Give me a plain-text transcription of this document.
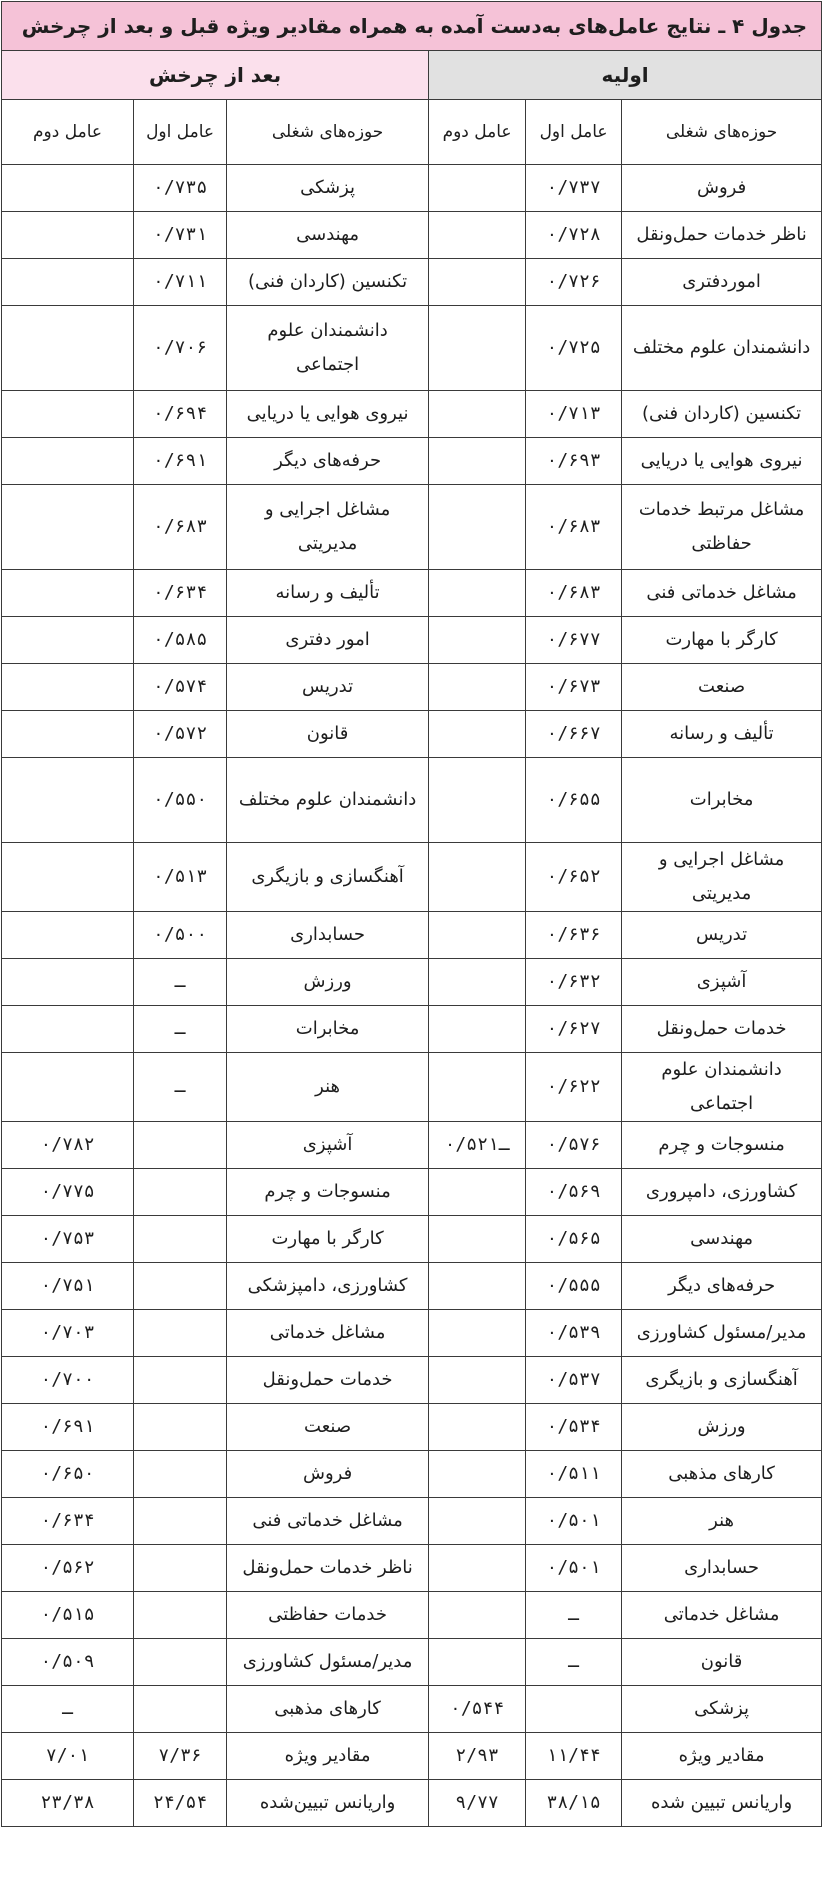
جدول ۴ ـ نتایج عامل‌های به‌دست آمده به همراه مقادیر ویژه قبل و بعد از چرخش					
اولیه			بعد از چرخش		
حوزه‌های شغلی	عامل اول	عامل دوم	حوزه‌های شغلی	عامل اول	عامل دوم
فروش	۰/۷۳۷		پزشکی	۰/۷۳۵	
ناظر خدمات حمل‌ونقل	۰/۷۲۸		مهندسی	۰/۷۳۱	
اموردفتری	۰/۷۲۶		تکنسین (کاردان فنی)	۰/۷۱۱	
دانشمندان علوم مختلف	۰/۷۲۵		دانشمندان علوم اجتماعی	۰/۷۰۶	
تکنسین (کاردان فنی)	۰/۷۱۳		نیروی هوایی یا دریایی	۰/۶۹۴	
نیروی هوایی یا دریایی	۰/۶۹۳		حرفه‌های دیگر	۰/۶۹۱	
مشاغل مرتبط خدمات حفاظتی	۰/۶۸۳		مشاغل اجرایی و مدیریتی	۰/۶۸۳	
مشاغل خدماتی فنی	۰/۶۸۳		تألیف و رسانه	۰/۶۳۴	
کارگر با مهارت	۰/۶۷۷		امور دفتری	۰/۵۸۵	
صنعت	۰/۶۷۳		تدریس	۰/۵۷۴	
تألیف و رسانه	۰/۶۶۷		قانون	۰/۵۷۲	
مخابرات	۰/۶۵۵		دانشمندان علوم مختلف	۰/۵۵۰	
مشاغل اجرایی و مدیریتی	۰/۶۵۲		آهنگسازی و بازیگری	۰/۵۱۳	
تدریس	۰/۶۳۶		حسابداری	۰/۵۰۰	
آشپزی	۰/۶۳۲		ورزش	ـ	
خدمات حمل‌ونقل	۰/۶۲۷		مخابرات	ـ	
دانشمندان علوم اجتماعی	۰/۶۲۲		هنر	ـ	
منسوجات و چرم	۰/۵۷۶	ـ۰/۵۲۱	آشپزی		۰/۷۸۲
کشاورزی، دامپروری	۰/۵۶۹		منسوجات و چرم		۰/۷۷۵
مهندسی	۰/۵۶۵		کارگر با مهارت		۰/۷۵۳
حرفه‌های دیگر	۰/۵۵۵		کشاورزی، دامپزشکی		۰/۷۵۱
مدیر/مسئول کشاورزی	۰/۵۳۹		مشاغل خدماتی		۰/۷۰۳
آهنگسازی و بازیگری	۰/۵۳۷		خدمات حمل‌ونقل		۰/۷۰۰
ورزش	۰/۵۳۴		صنعت		۰/۶۹۱
کارهای مذهبی	۰/۵۱۱		فروش		۰/۶۵۰
هنر	۰/۵۰۱		مشاغل خدماتی فنی		۰/۶۳۴
حسابداری	۰/۵۰۱		ناظر خدمات حمل‌ونقل		۰/۵۶۲
مشاغل خدماتی	ـ		خدمات حفاظتی		۰/۵۱۵
قانون	ـ		مدیر/مسئول کشاورزی		۰/۵۰۹
پزشکی		۰/۵۴۴	کارهای مذهبی		ـ
مقادیر ویژه	۱۱/۴۴	۲/۹۳	مقادیر ویژه	۷/۳۶	۷/۰۱
واریانس تبیین شده	۳۸/۱۵	۹/۷۷	واریانس تبیین‌شده	۲۴/۵۴	۲۳/۳۸
